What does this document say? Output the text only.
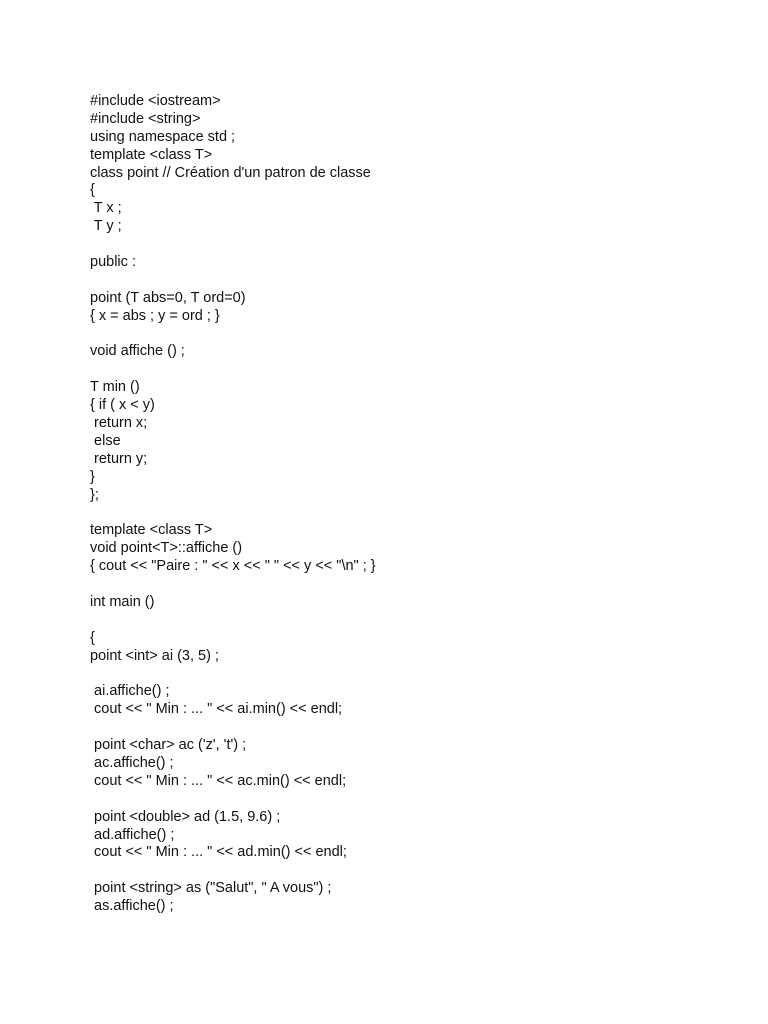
#include <iostream>
#include <string>
using namespace std ;
template <class T>
class point // Création d'un patron de classe
{
T x ;
T y ;
public :
point (T abs=0, T ord=0)
{ x = abs ; y = ord ; }
void affiche () ;
T min ()
{ if ( x < y)
return x;
else
return y;
}
};
template <class T>
void point<T>::affiche ()
{ cout << "Paire : " << x << " " << y << "\n" ; }
int main ()
{
point <int> ai (3, 5) ;
ai.affiche() ;
cout << " Min : ... " << ai.min() << endl;
point <char> ac ('z', 't') ;
ac.affiche() ;
cout << " Min : ... " << ac.min() << endl;
point <double> ad (1.5, 9.6) ;
ad.affiche() ;
cout << " Min : ... " << ad.min() << endl;
point <string> as ("Salut", " A vous") ;
as.affiche() ;
